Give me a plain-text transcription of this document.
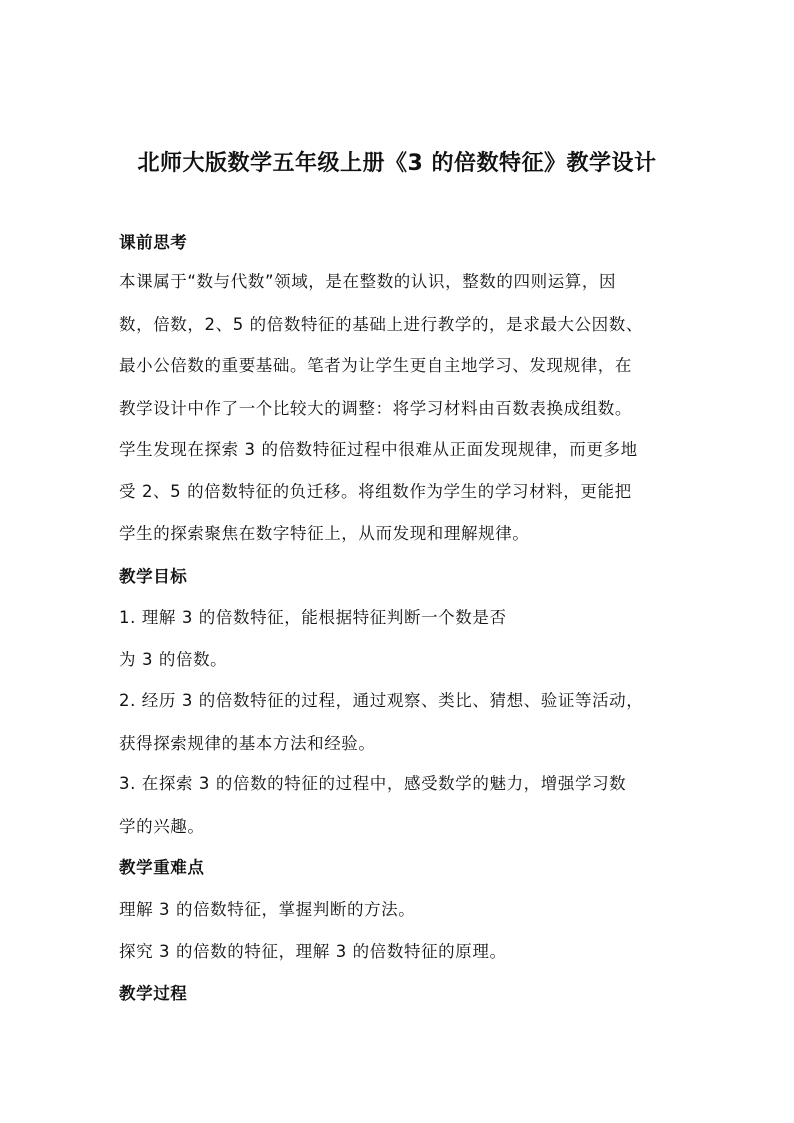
北师大版数学五年级上册《3 的倍数特征》教学设计
课前思考
本课属于“数与代数”领域，是在整数的认识，整数的四则运算，因
数，倍数，2、5 的倍数特征的基础上进行教学的，是求最大公因数、
最小公倍数的重要基础。笔者为让学生更自主地学习、发现规律，在
教学设计中作了一个比较大的调整：将学习材料由百数表换成组数。
学生发现在探索 3 的倍数特征过程中很难从正面发现规律，而更多地
受 2、5 的倍数特征的负迁移。将组数作为学生的学习材料，更能把
学生的探索聚焦在数字特征上，从而发现和理解规律。
教学目标
1. 理解 3 的倍数特征，能根据特征判断一个数是否
为 3 的倍数。
2. 经历 3 的倍数特征的过程，通过观察、类比、猜想、验证等活动，
获得探索规律的基本方法和经验。
3. 在探索 3 的倍数的特征的过程中，感受数学的魅力，增强学习数
学的兴趣。
教学重难点
理解 3 的倍数特征，掌握判断的方法。
探究 3 的倍数的特征，理解 3 的倍数特征的原理。
教学过程
